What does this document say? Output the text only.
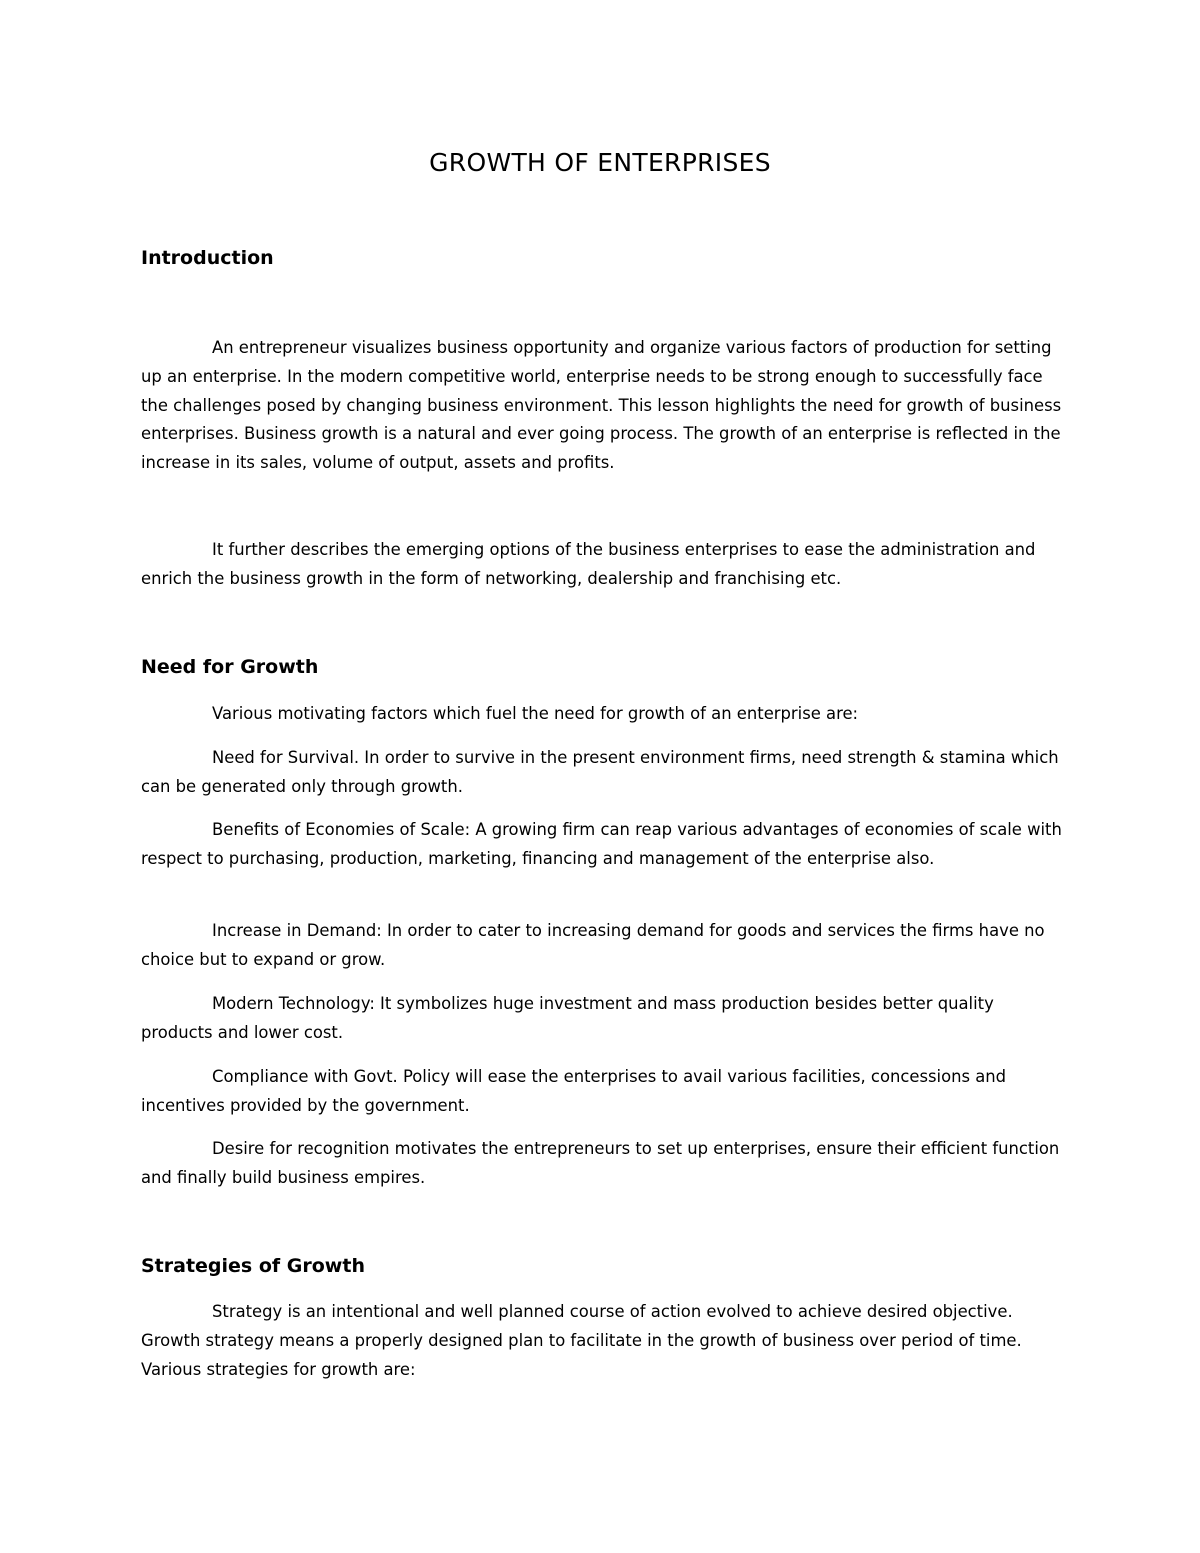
GROWTH OF ENTERPRISES
Introduction

An entrepreneur visualizes business opportunity and organize various factors of production for setting up an enterprise. In the modern competitive world, enterprise needs to be strong enough to successfully face the challenges posed by changing business environment. This lesson highlights the need for growth of business enterprises. Business growth is a natural and ever going process. The growth of an enterprise is reflected in the increase in its sales, volume of output, assets and profits.

It further describes the emerging options of the business enterprises to ease the administration and enrich the business growth in the form of networking, dealership and franchising etc.

Need for Growth

Various motivating factors which fuel the need for growth of an enterprise are:

Need for Survival. In order to survive in the present environment firms, need strength & stamina which can be generated only through growth.

Benefits of Economies of Scale: A growing firm can reap various advantages of economies of scale with respect to purchasing, production, marketing, financing and management of the enterprise also.

Increase in Demand: In order to cater to increasing demand for goods and services the firms have no choice but to expand or grow.

Modern Technology: It symbolizes huge investment and mass production besides better quality products and lower cost.

Compliance with Govt. Policy will ease the enterprises to avail various facilities, concessions and incentives provided by the government.

Desire for recognition motivates the entrepreneurs to set up enterprises, ensure their efficient function and finally build business empires.

Strategies of Growth

Strategy is an intentional and well planned course of action evolved to achieve desired objective. Growth strategy means a properly designed plan to facilitate in the growth of business over period of time. Various strategies for growth are:
